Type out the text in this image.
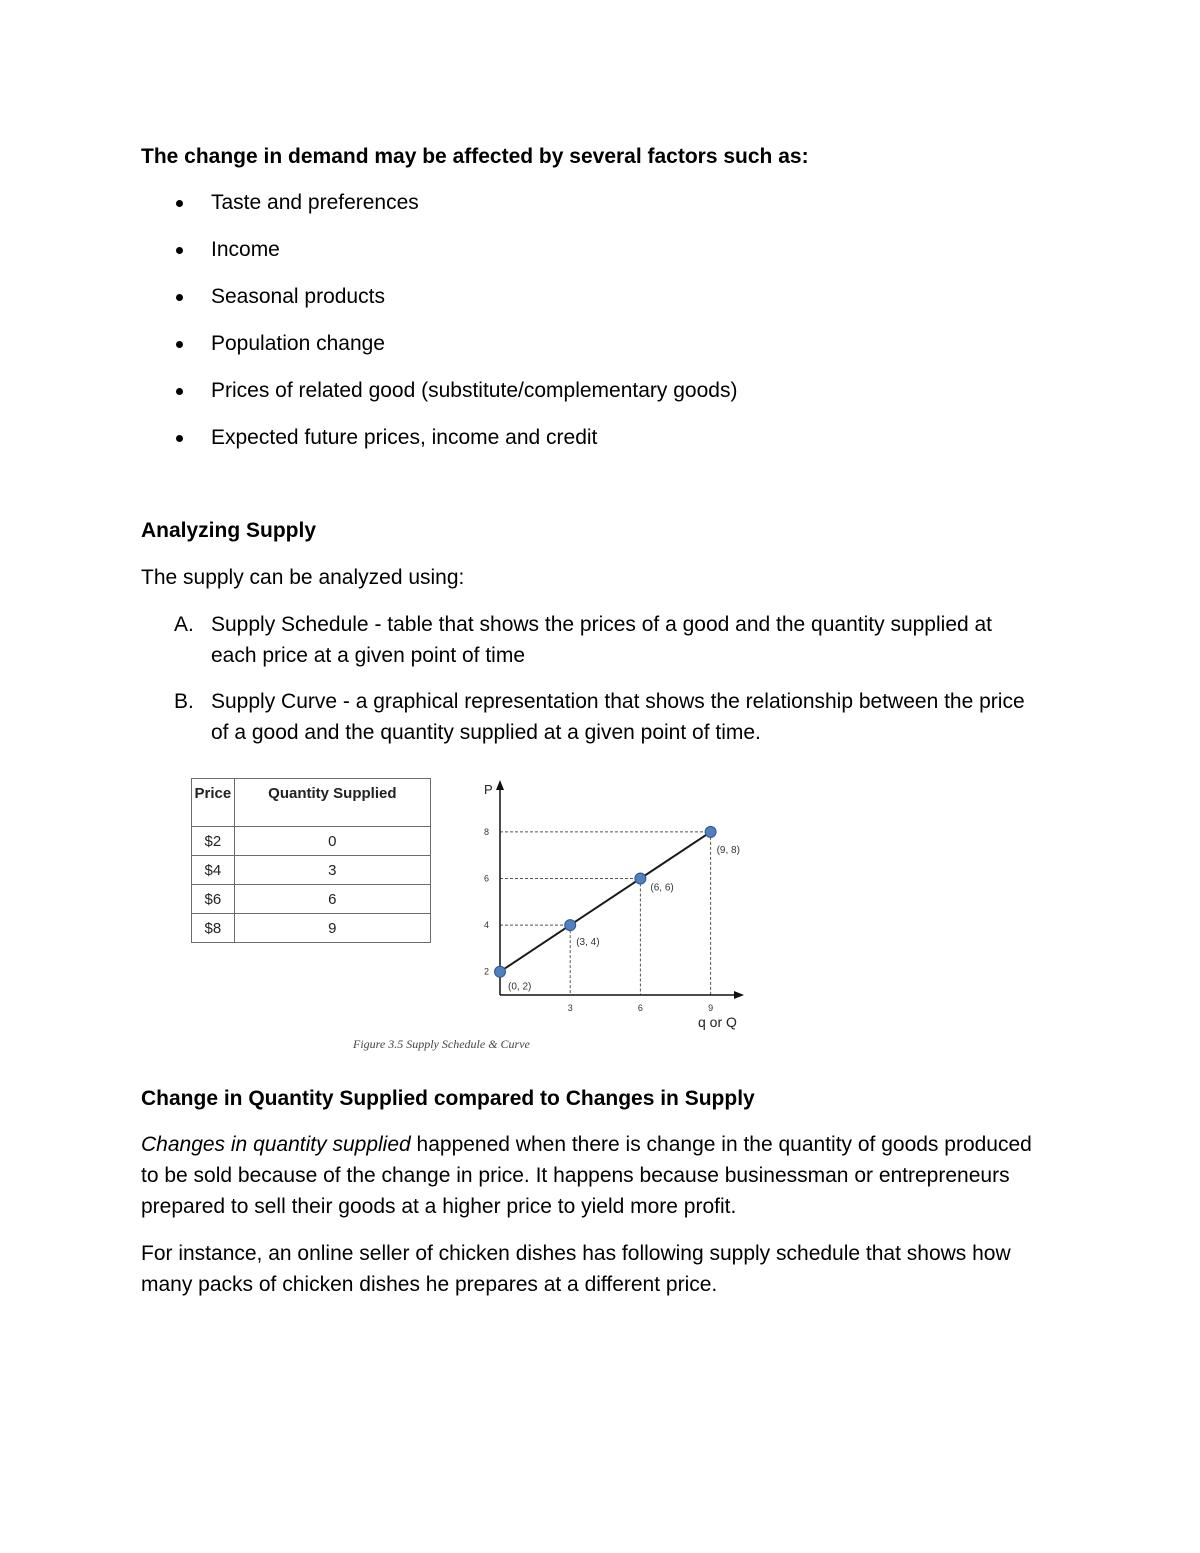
The change in demand may be affected by several factors such as:

Taste and preferences

Income

Seasonal products

Population change

Prices of related good (substitute/complementary goods)

Expected future prices, income and credit

Analyzing Supply

The supply can be analyzed using:

A. Supply Schedule - table that shows the prices of a good and the quantity supplied at

each price at a given point of time

B. Supply Curve - a graphical representation that shows the relationship between the price

of a good and the quantity supplied at a given point of time.

Price	Quantity Supplied
$2	0
$4	3
$6	6
$8	9
2
4
6
8
3	6	9
P
q or Q
(0, 2)
(3, 4)
(6, 6)
(9, 8)

Figure 3.5 Supply Schedule & Curve

Change in Quantity Supplied compared to Changes in Supply

Changes in quantity supplied happened when there is change in the quantity of goods produced

to be sold because of the change in price. It happens because businessman or entrepreneurs

prepared to sell their goods at a higher price to yield more profit.

For instance, an online seller of chicken dishes has following supply schedule that shows how

many packs of chicken dishes he prepares at a different price.
